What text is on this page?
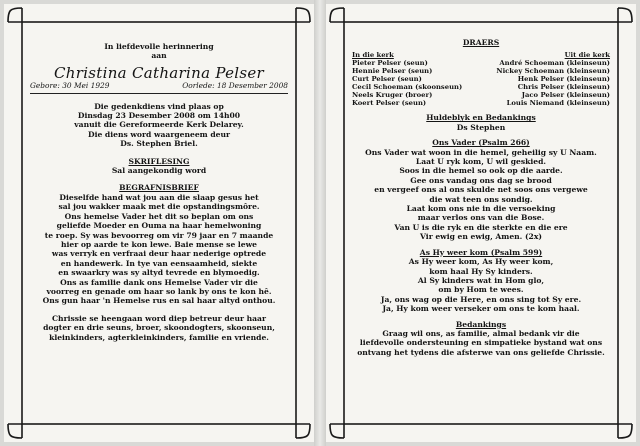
In liefdevolle herinnering
aan
Christina Catharina Pelser
Gebore: 30 Mei 1929	Oorlede: 18 Desember 2008
Die gedenkdiens vind plaas op
Dinsdag 23 Desember 2008 om 14h00
vanuit die Gereformeerde Kerk Delarey.
Die diens word waargeneem deur
Ds. Stephen Briel.
SKRIFLESING
Sal aangekondig word
BEGRAFNISBRIEF
Dieselfde hand wat jou aan die slaap gesus het
sal jou wakker maak met die opstandingsmôre.
Ons hemelse Vader het dit so beplan om ons
geliefde Moeder en Ouma na haar hemelwoning
te roep. Sy was bevoorreg om vir 79 jaar en 7 maande
hier op aarde te kon lewe. Baie mense se lewe
was verryk en verfraai deur haar nederige optrede
en handewerk. In tye van eensaamheid, siekte
en swaarkry was sy altyd tevrede en blymoedig.
Ons as familie dank ons Hemelse Vader vir die
voorreg en genade om haar so lank by ons te kon hê.
Ons gun haar 'n Hemelse rus en sal haar altyd onthou.
Chrissie se heengaan word diep betreur deur haar
dogter en drie seuns, broer, skoondogters, skoonseun,
kleinkinders, agterkleinkinders, familie en vriende.
DRAERS
In die kerk
Pieter Pelser (seun)
Hennie Pelser (seun)
Curt Pelser (seun)
Cecil Schoeman (skoonseun)
Neels Kruger (broer)
Koert Pelser (seun)
Uit die kerk
André Schoeman (kleinseun)
Nickey Schoeman (kleinseun)
Henk Pelser (kleinseun)
Chris Pelser (kleinseun)
Jaco Pelser (kleinseun)
Louis Niemand (kleinseun)
Huldeblyk en Bedankings
Ds Stephen
Ons Vader (Psalm 266)
Ons Vader wat woon in die hemel, geheilig sy U Naam.
Laat U ryk kom, U wil geskied.
Soos in die hemel so ook op die aarde.
Gee ons vandag ons dag se brood
en vergeef ons al ons skulde net soos ons vergewe
die wat teen ons sondig.
Laat kom ons nie in die versoeking
maar verlos ons van die Bose.
Van U is die ryk en die sterkte en die ere
Vir ewig en ewig, Amen. (2x)
As Hy weer kom (Psalm 599)
As Hy weer kom, As Hy weer kom,
kom haal Hy Sy kinders.
Al Sy kinders wat in Hom glo,
om by Hom te wees.
Ja, ons wag op die Here, en ons sing tot Sy ere.
Ja, Hy kom weer verseker om ons te kom haal.
Bedankings
Graag wil ons, as familie, almal bedank vir die
liefdevolle ondersteuning en simpatieke bystand wat ons
ontvang het tydens die afsterwe van ons geliefde Chrissie.
